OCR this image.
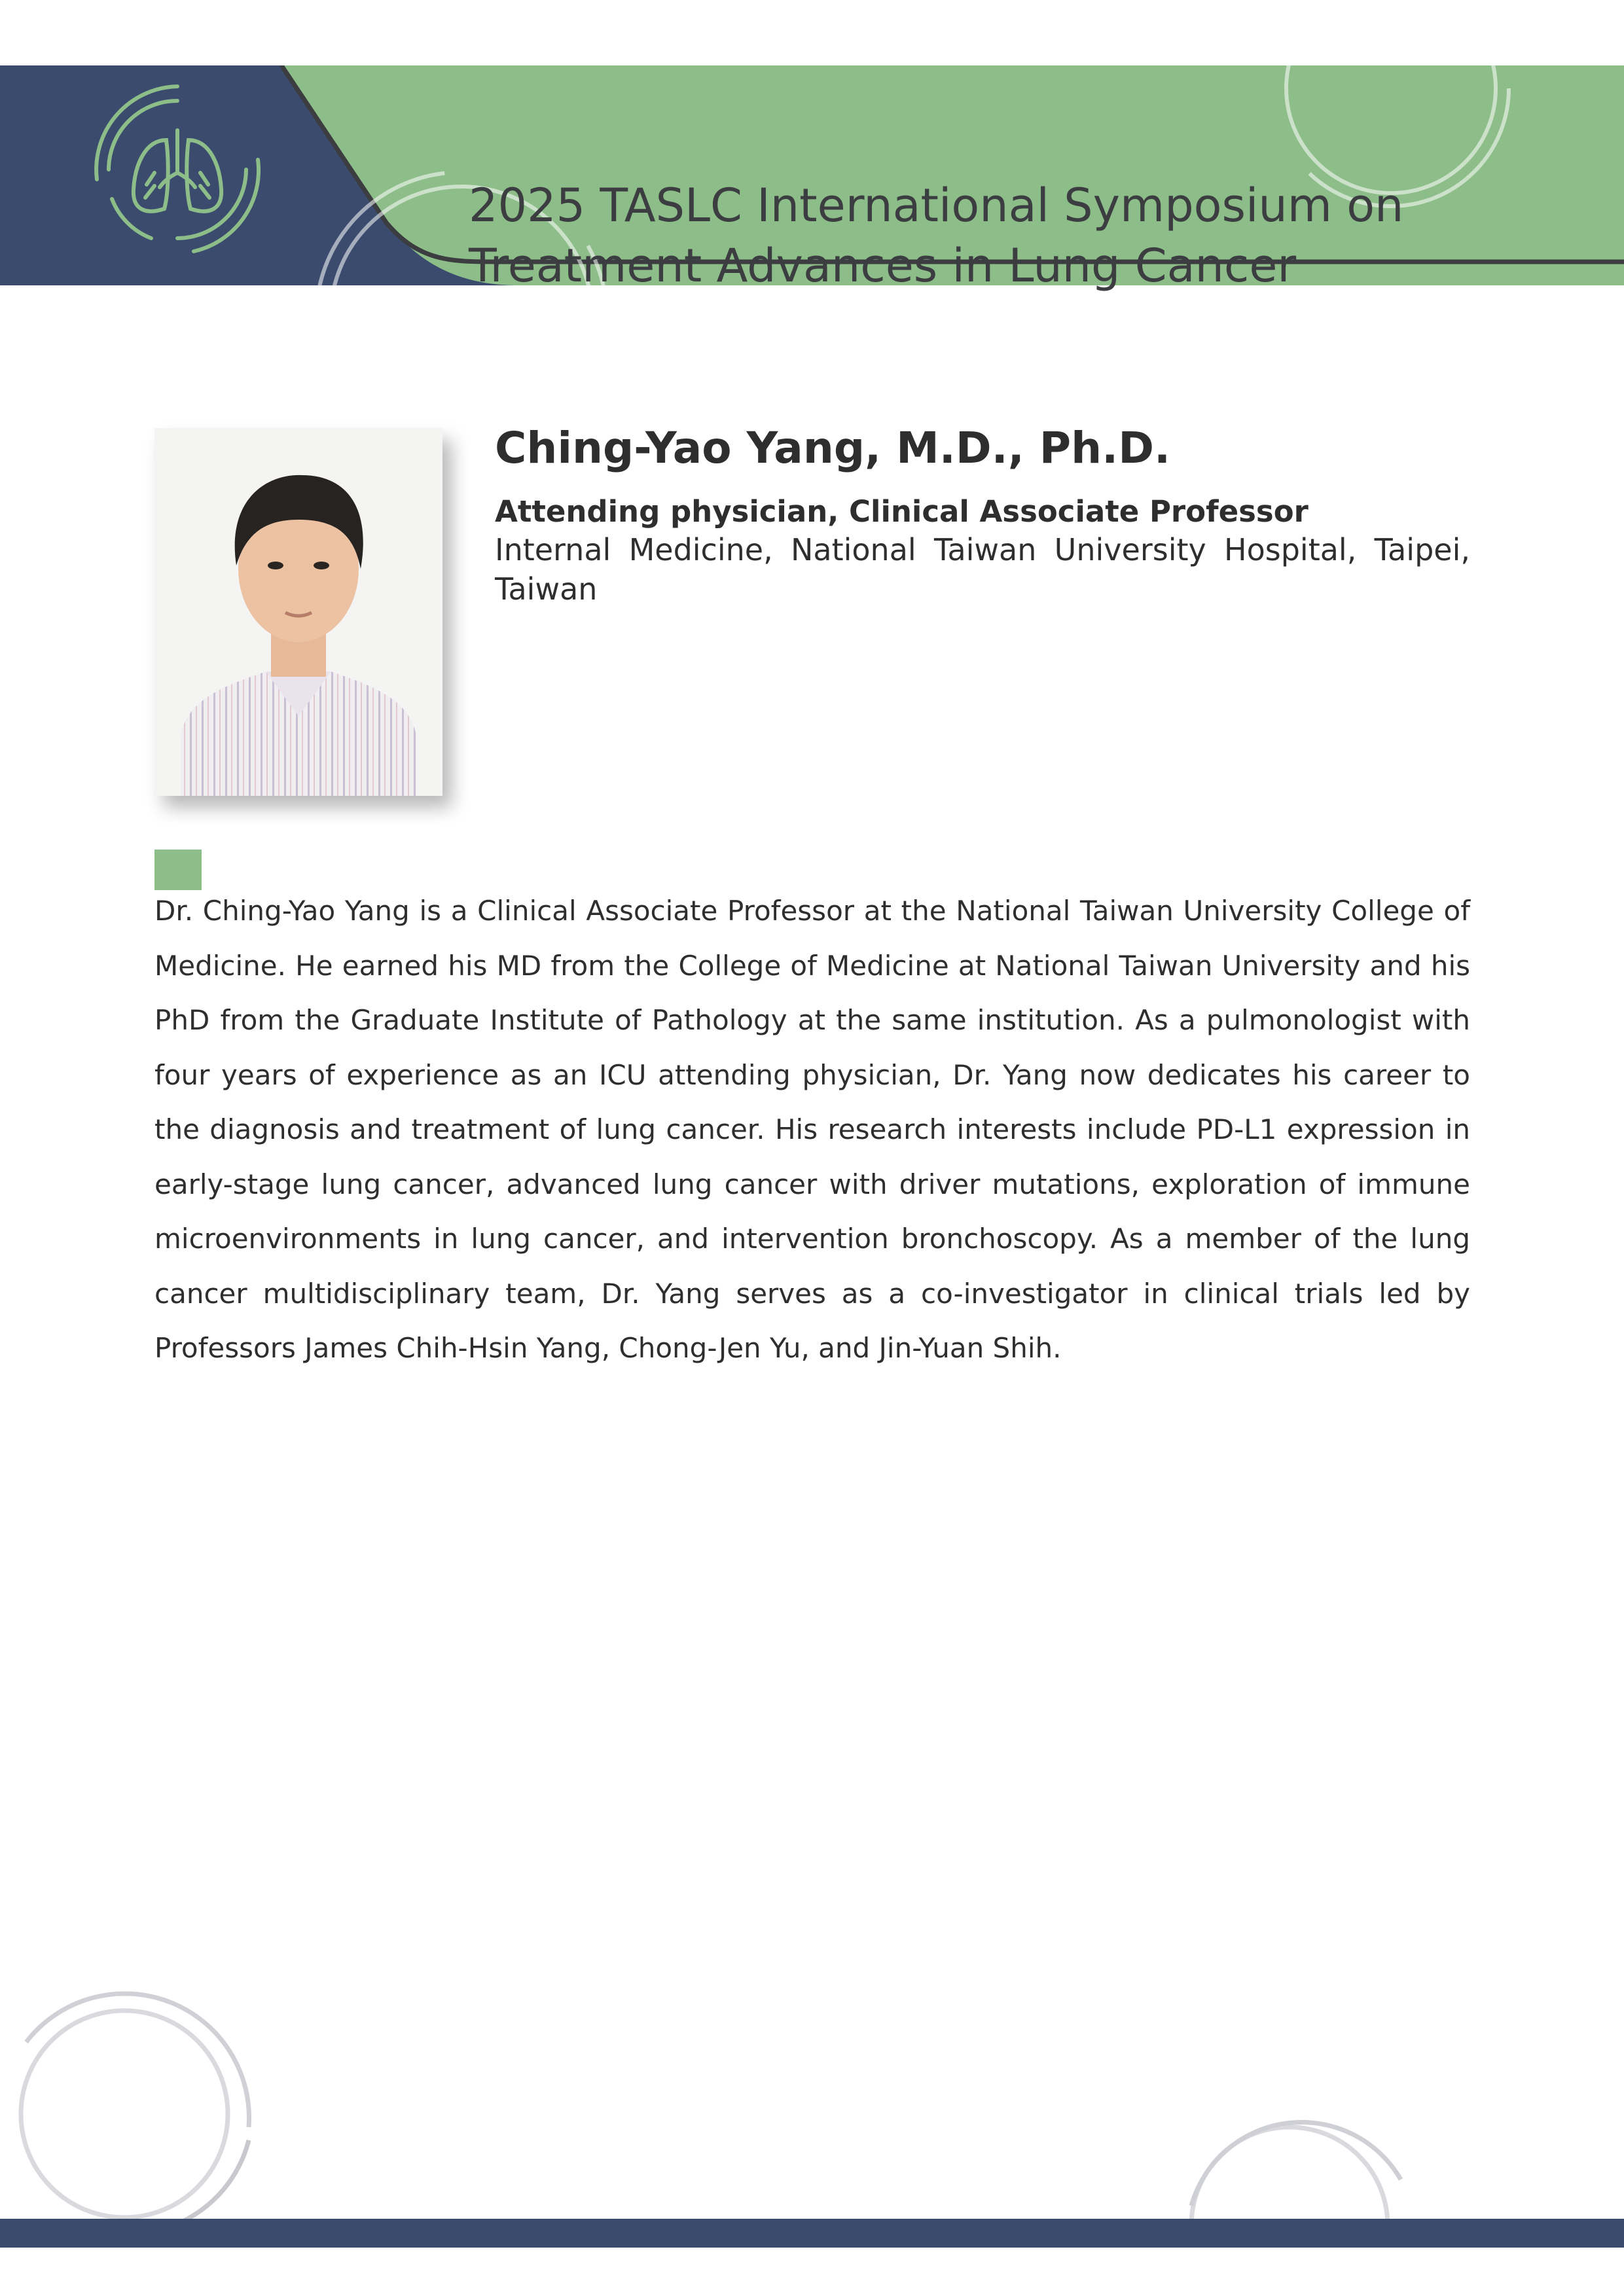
2025 TASLC International Symposium on
Treatment Advances in Lung Cancer
Ching-Yao Yang, M.D., Ph.D.

Attending physician, Clinical Associate Professor

Internal Medicine, National Taiwan University Hospital, Taipei, Taiwan

Dr. Ching-Yao Yang is a Clinical Associate Professor at the National Taiwan University College of Medicine. He earned his MD from the College of Medicine at National Taiwan University and his PhD from the Graduate Institute of Pathology at the same institution. As a pulmonologist with four years of experience as an ICU attending physician, Dr. Yang now dedicates his career to the diagnosis and treatment of lung cancer. His research interests include PD-L1 expression in early-stage lung cancer, advanced lung cancer with driver mutations, exploration of immune microenvironments in lung cancer, and intervention bronchoscopy. As a member of the lung cancer multidisciplinary team, Dr. Yang serves as a co-investigator in clinical trials led by Professors James Chih-Hsin Yang, Chong-Jen Yu, and Jin-Yuan Shih.
